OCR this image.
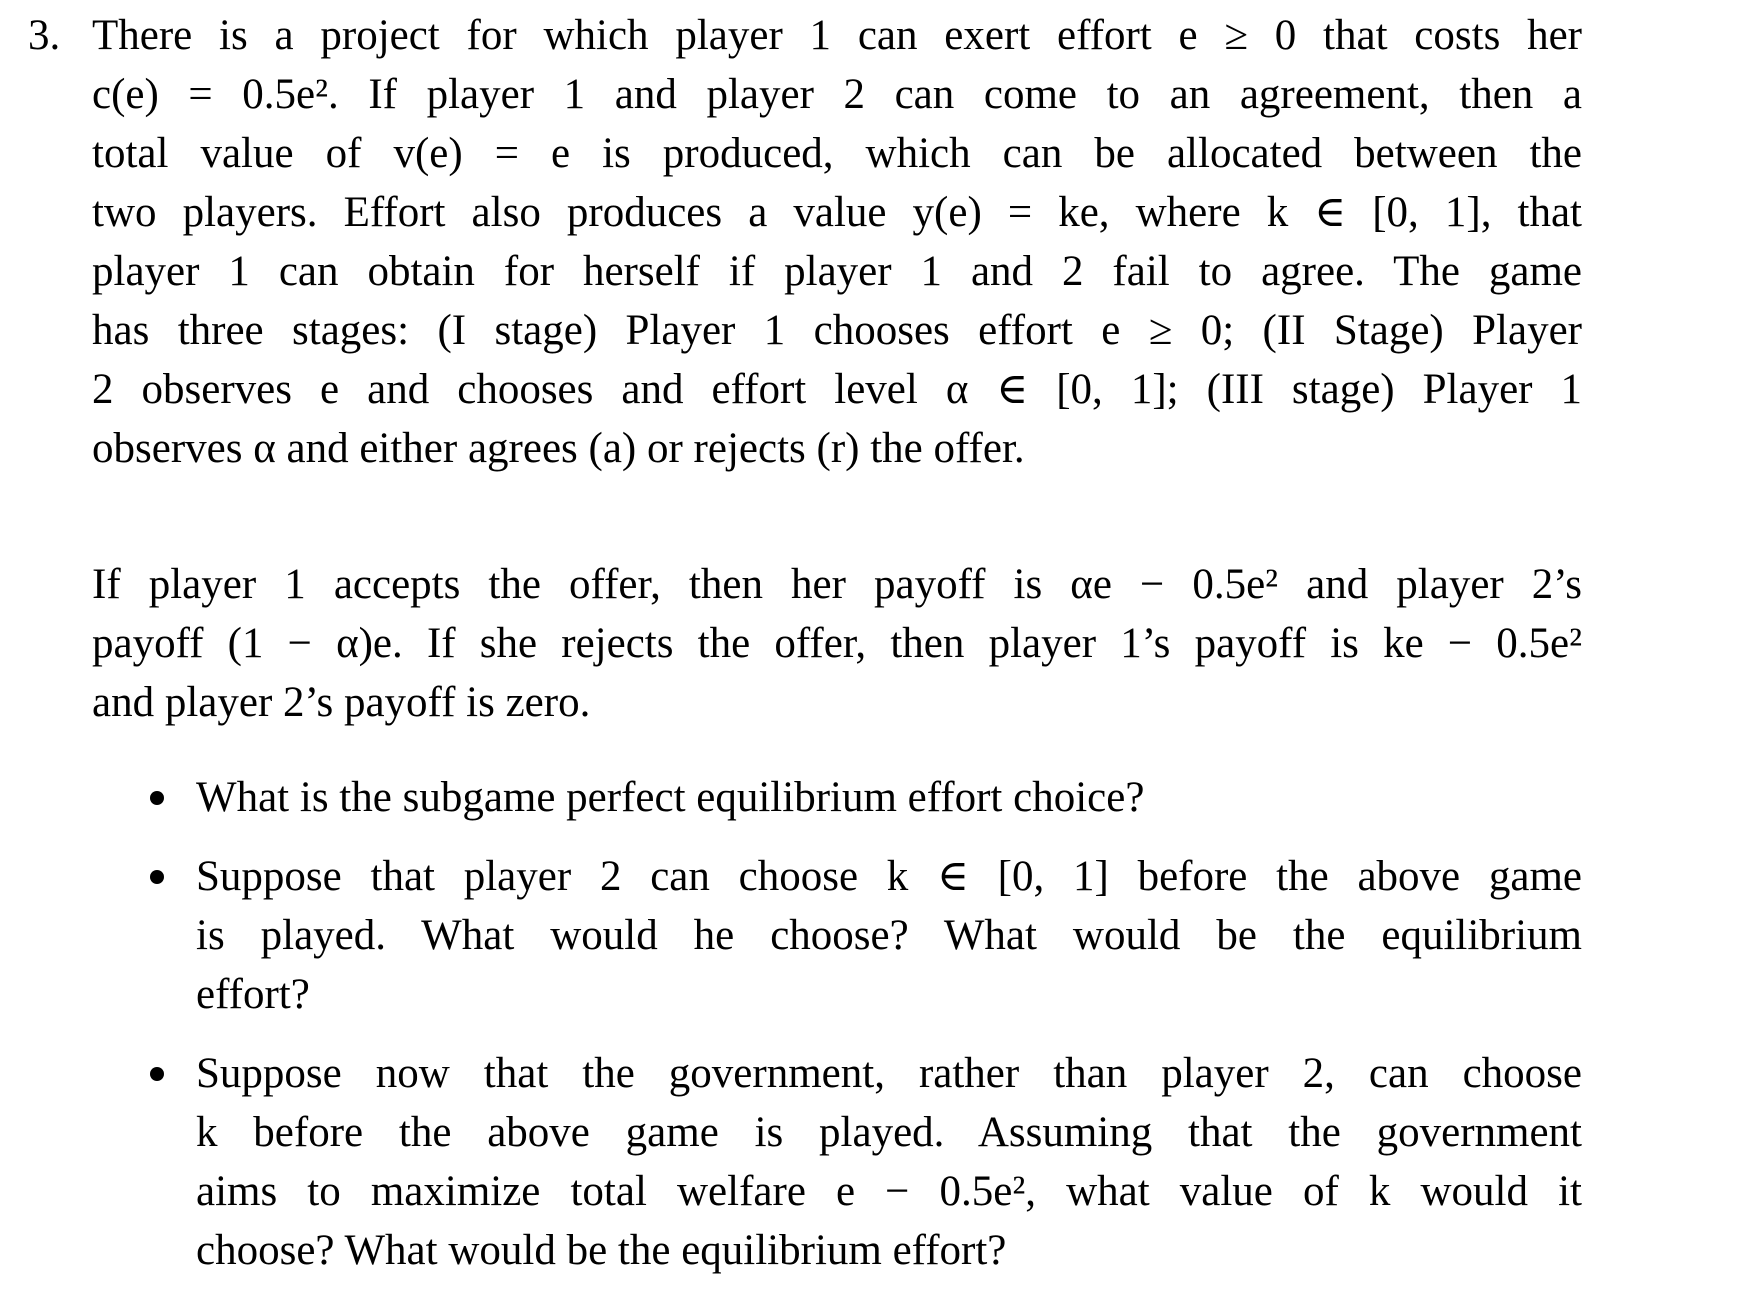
3. There is a project for which player 1 can exert effort e ≥ 0 that costs her
c(e) = 0.5e². If player 1 and player 2 can come to an agreement, then a
total value of v(e) = e is produced, which can be allocated between the
two players. Effort also produces a value y(e) = ke, where k ∈ [0, 1], that
player 1 can obtain for herself if player 1 and 2 fail to agree. The game
has three stages: (I stage) Player 1 chooses effort e ≥ 0; (II Stage) Player
2 observes e and chooses and effort level α ∈ [0, 1]; (III stage) Player 1
observes α and either agrees (a) or rejects (r) the offer.
If player 1 accepts the offer, then her payoff is αe − 0.5e² and player 2’s
payoff (1 − α)e. If she rejects the offer, then player 1’s payoff is ke − 0.5e²
and player 2’s payoff is zero.
What is the subgame perfect equilibrium effort choice?
Suppose that player 2 can choose k ∈ [0, 1] before the above game
is played. What would he choose? What would be the equilibrium
effort?
Suppose now that the government, rather than player 2, can choose
k before the above game is played. Assuming that the government
aims to maximize total welfare e − 0.5e², what value of k would it
choose? What would be the equilibrium effort?
